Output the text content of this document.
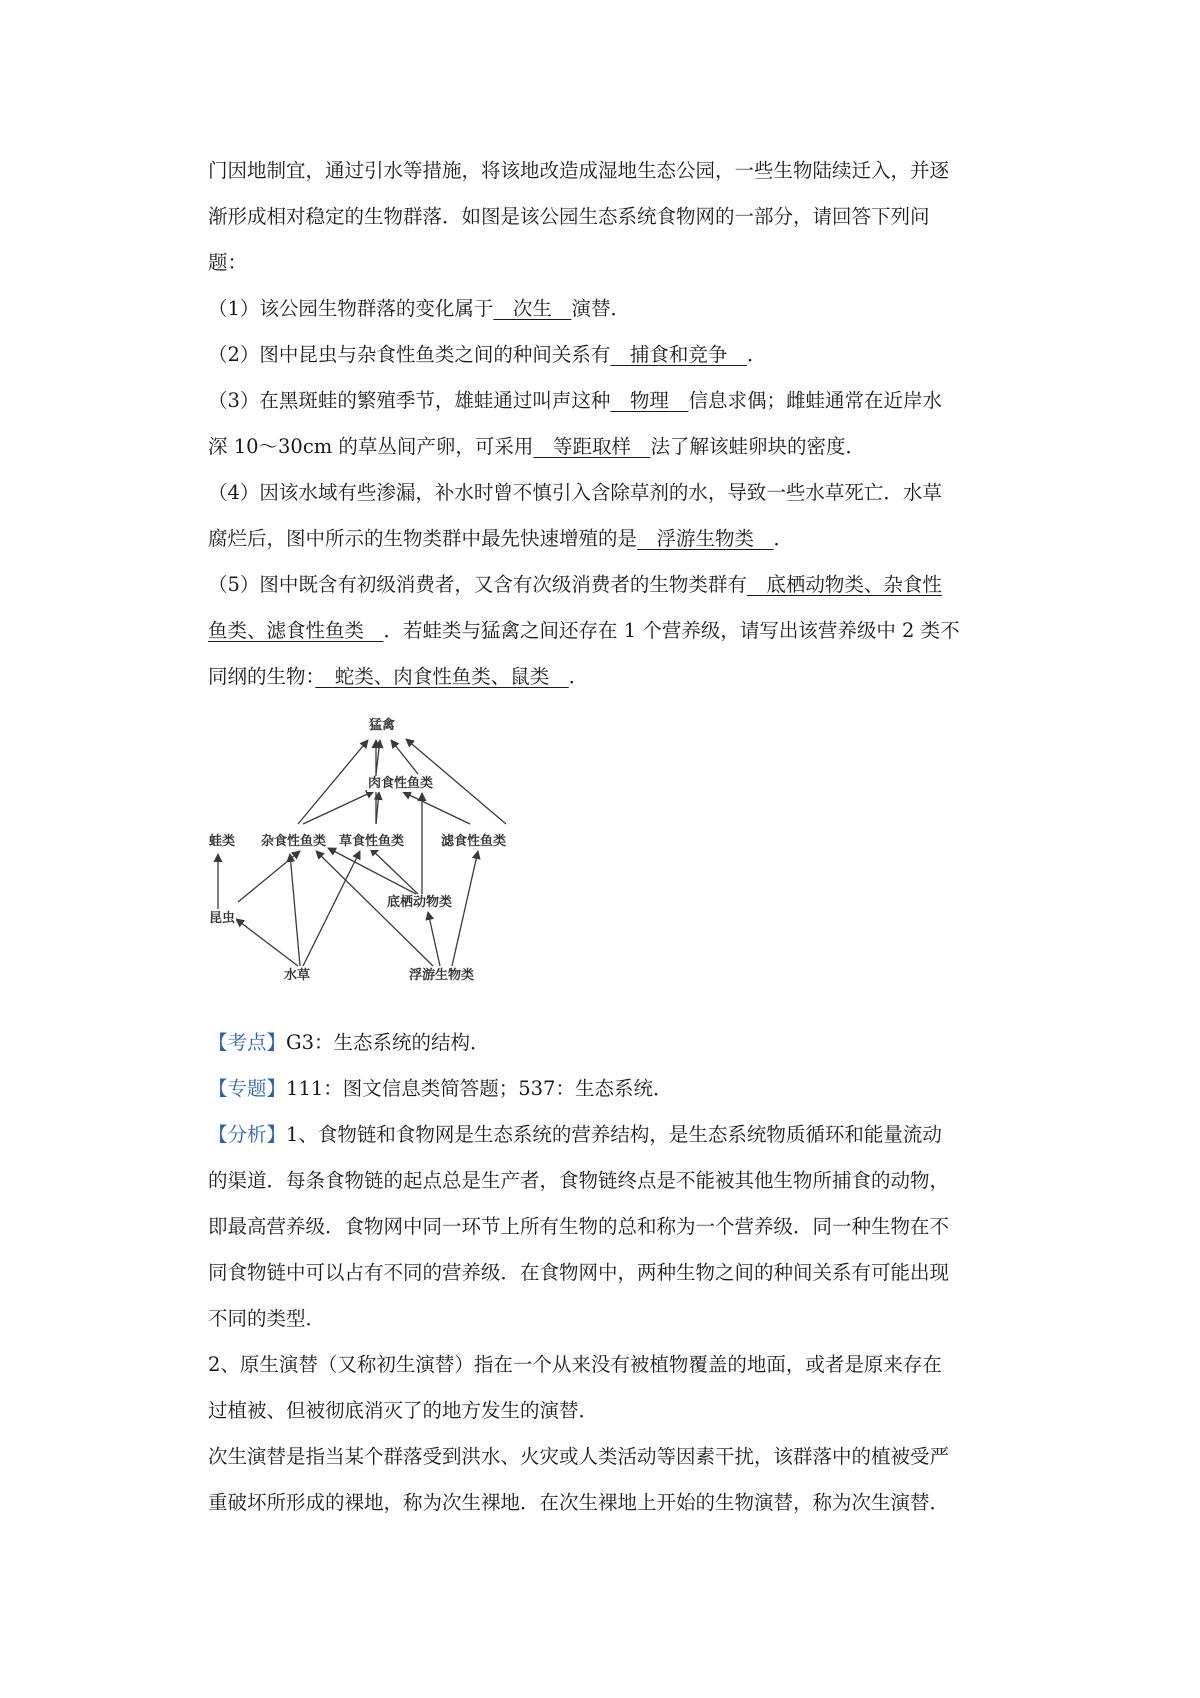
门因地制宜，通过引水等措施，将该地改造成湿地生态公园，一些生物陆续迁入，并逐
渐形成相对稳定的生物群落．如图是该公园生态系统食物网的一部分，请回答下列问
题：
（1）该公园生物群落的变化属于　次生　演替．
（2）图中昆虫与杂食性鱼类之间的种间关系有　捕食和竞争　．
（3）在黑斑蛙的繁殖季节，雄蛙通过叫声这种　物理　信息求偶；雌蛙通常在近岸水
深 10～30cm 的草丛间产卵，可采用　等距取样　法了解该蛙卵块的密度．
（4）因该水域有些渗漏，补水时曾不慎引入含除草剂的水，导致一些水草死亡．水草
腐烂后，图中所示的生物类群中最先快速增殖的是　浮游生物类　．
（5）图中既含有初级消费者，又含有次级消费者的生物类群有　底栖动物类、杂食性
鱼类、滤食性鱼类　．若蛙类与猛禽之间还存在 1 个营养级，请写出该营养级中 2 类不
同纲的生物：　蛇类、肉食性鱼类、鼠类　．
猛禽
肉食性鱼类
蛙类 杂食性鱼类 草食性鱼类	滤食性鱼类
昆虫
底栖动物类
水草	浮游生物类
【考点】G3：生态系统的结构．
【专题】111：图文信息类简答题；537：生态系统．
【分析】1、食物链和食物网是生态系统的营养结构，是生态系统物质循环和能量流动
的渠道．每条食物链的起点总是生产者，食物链终点是不能被其他生物所捕食的动物，
即最高营养级．食物网中同一环节上所有生物的总和称为一个营养级．同一种生物在不
同食物链中可以占有不同的营养级．在食物网中，两种生物之间的种间关系有可能出现
不同的类型．
2、原生演替（又称初生演替）指在一个从来没有被植物覆盖的地面，或者是原来存在
过植被、但被彻底消灭了的地方发生的演替．
次生演替是指当某个群落受到洪水、火灾或人类活动等因素干扰，该群落中的植被受严
重破坏所形成的裸地，称为次生裸地．在次生裸地上开始的生物演替，称为次生演替．
